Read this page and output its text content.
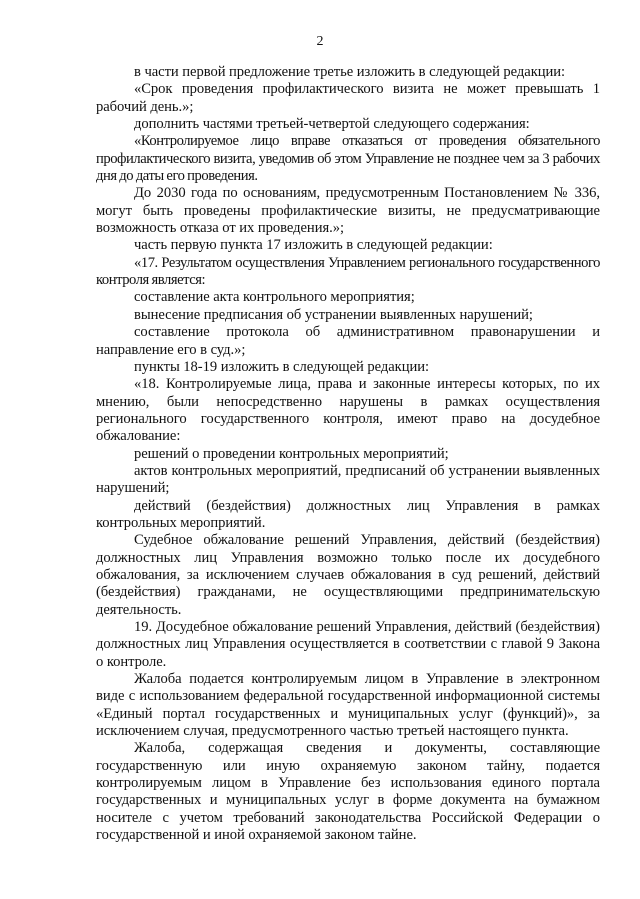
2

в части первой предложение третье изложить в следующей редакции:

«Срок проведения профилактического визита не может превышать 1 рабочий день.»;

дополнить частями третьей-четвертой следующего содержания:

«Контролируемое лицо вправе отказаться от проведения обязательного профилактического визита, уведомив об этом Управление не позднее чем за 3 рабочих дня до даты его проведения.

До 2030 года по основаниям, предусмотренным Постановлением № 336, могут быть проведены профилактические визиты, не предусматривающие возможность отказа от их проведения.»;

часть первую пункта 17 изложить в следующей редакции:

«17. Результатом осуществления Управлением регионального государственного контроля является:

составление акта контрольного мероприятия;

вынесение предписания об устранении выявленных нарушений;

составление протокола об административном правонарушении и направление его в суд.»;

пункты 18-19 изложить в следующей редакции:

«18. Контролируемые лица, права и законные интересы которых, по их мнению, были непосредственно нарушены в рамках осуществления регионального государственного контроля, имеют право на досудебное обжалование:

решений о проведении контрольных мероприятий;

актов контрольных мероприятий, предписаний об устранении выявленных нарушений;

действий (бездействия) должностных лиц Управления в рамках контрольных мероприятий.

Судебное обжалование решений Управления, действий (бездействия) должностных лиц Управления возможно только после их досудебного обжалования, за исключением случаев обжалования в суд решений, действий (бездействия) гражданами, не осуществляющими предпринимательскую деятельность.

19. Досудебное обжалование решений Управления, действий (бездействия) должностных лиц Управления осуществляется в соответствии с главой 9 Закона о контроле.

Жалоба подается контролируемым лицом в Управление в электронном виде с использованием федеральной государственной информационной системы «Единый портал государственных и муниципальных услуг (функций)», за исключением случая, предусмотренного частью третьей настоящего пункта.

Жалоба, содержащая сведения и документы, составляющие государственную или иную охраняемую законом тайну, подается контролируемым лицом в Управление без использования единого портала государственных и муниципальных услуг в форме документа на бумажном носителе с учетом требований законодательства Российской Федерации о государственной и иной охраняемой законом тайне.
